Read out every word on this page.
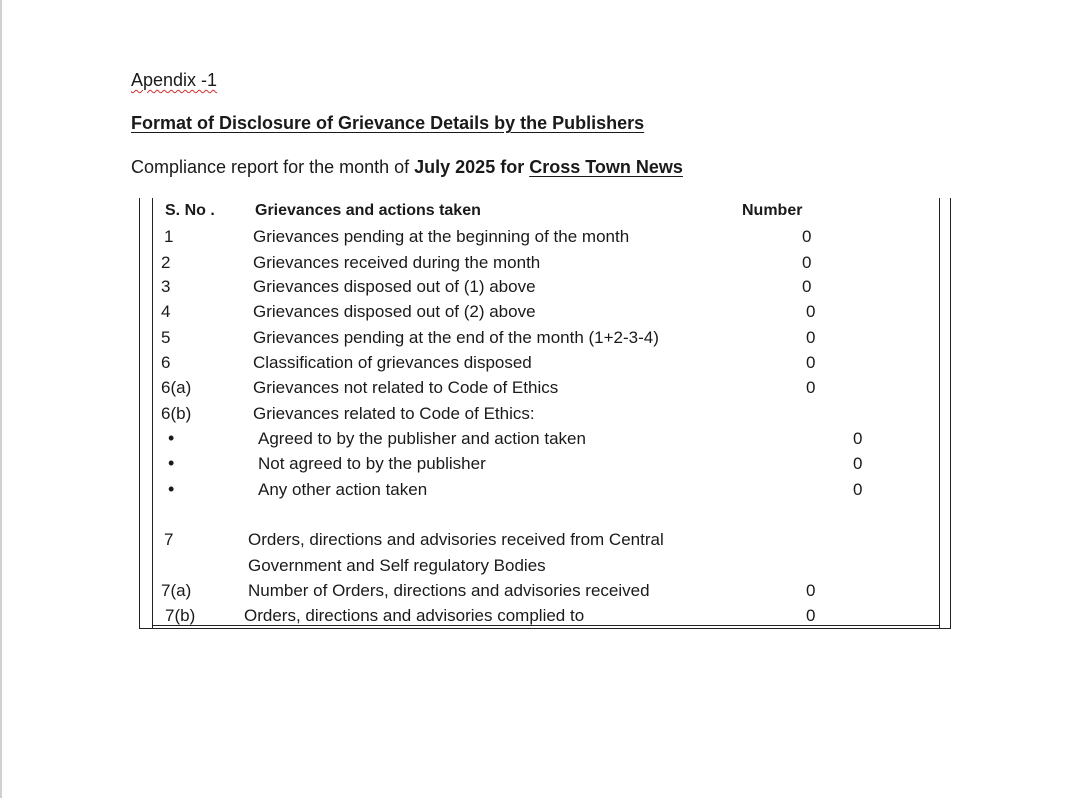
Apendix -1
Format of Disclosure of Grievance Details by the Publishers
Compliance report for the month of July 2025 for Cross Town News
S. No .	Grievances and actions taken	Number
1	Grievances pending at the beginning of the month	0
2	Grievances received during the month	0
3	Grievances disposed out of (1) above	0
4	Grievances disposed out of (2) above	0
5	Grievances pending at the end of the month (1+2-3-4)	0
6	Classification of grievances disposed	0
6(a)	Grievances not related to Code of Ethics	0
6(b)	Grievances related to Code of Ethics:
•	Agreed to by the publisher and action taken	0
•	Not agreed to by the publisher	0
•	Any other action taken	0
7	Orders, directions and advisories received from Central
Government and Self regulatory Bodies
7(a)	Number of Orders, directions and advisories received	0
7(b)	Orders, directions and advisories complied to	0
